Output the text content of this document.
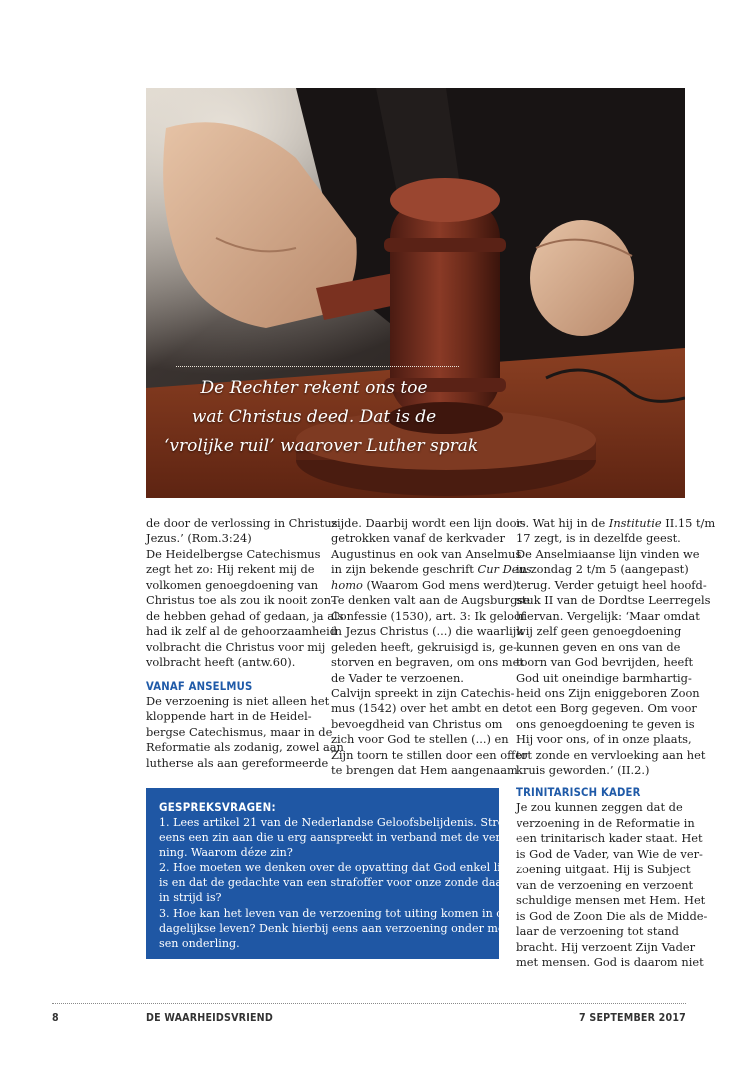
De Rechter rekent ons toe
wat Christus deed. Dat is de
‘vrolijke ruil’ waarover Luther sprak
de door de verlossing in Christus
Jezus.’ (Rom.3:24)
De Heidelbergse Catechismus
zegt het zo: Hij rekent mij de
volkomen genoegdoening van
Christus toe als zou ik nooit zon-
de hebben gehad of gedaan, ja als
had ik zelf al de gehoorzaamheid
volbracht die Christus voor mij
volbracht heeft (antw.60).
VANAF ANSELMUS
De verzoening is niet alleen het
kloppende hart in de Heidel-
bergse Catechismus, maar in de
Reformatie als zodanig, zowel aan
lutherse als aan gereformeerde
zijde. Daarbij wordt een lijn door-
getrokken vanaf de kerkvader
Augustinus en ook van Anselmus
in zijn bekende geschrift Cur Deus
homo (Waarom God mens werd).
Te denken valt aan de Augsburgse
Confessie (1530), art. 3: Ik geloof
in Jezus Christus (...) die waarlijk
geleden heeft, gekruisigd is, ge-
storven en begraven, om ons met
de Vader te verzoenen.
Calvijn spreekt in zijn Catechis-
mus (1542) over het ambt en de
bevoegdheid van Christus om
zich voor God te stellen (...) en
Zijn toorn te stillen door een offer
te brengen dat Hem aangenaam
is. Wat hij in de Institutie II.15 t/m
17 zegt, is in dezelfde geest.
De Anselmiaanse lijn vinden we
in zondag 2 t/m 5 (aangepast)
terug. Verder getuigt heel hoofd-
stuk II van de Dordtse Leerregels
hiervan. Vergelijk: ‘Maar omdat
wij zelf geen genoegdoening
kunnen geven en ons van de
toorn van God bevrijden, heeft
God uit oneindige barmhartig-
heid ons Zijn eniggeboren Zoon
tot een Borg gegeven. Om voor
ons genoegdoening te geven is
Hij voor ons, of in onze plaats,
tot zonde en vervloeking aan het
kruis geworden.’ (II.2.)
TRINITARISCH KADER
Je zou kunnen zeggen dat de
verzoening in de Reformatie in
een trinitarisch kader staat. Het
is God de Vader, van Wie de ver-
zoening uitgaat. Hij is Subject
van de verzoening en verzoent
schuldige mensen met Hem. Het
is God de Zoon Die als de Midde-
laar de verzoening tot stand
bracht. Hij verzoent Zijn Vader
met mensen. God is daarom niet
GESPREKSVRAGEN:
1. Lees artikel 21 van de Nederlandse Geloofsbelijdenis. Streep
eens een zin aan die u erg aanspreekt in verband met de verzoe-
ning. Waarom déze zin?
2. Hoe moeten we denken over de opvatting dat God enkel liefde
is en dat de gedachte van een strafoffer voor onze zonde daarmee
in strijd is?
3. Hoe kan het leven van de verzoening tot uiting komen in ons
dagelijkse leven? Denk hierbij eens aan verzoening onder men-
sen onderling.
8	DE WAARHEIDSVRIEND	7 SEPTEMBER 2017
